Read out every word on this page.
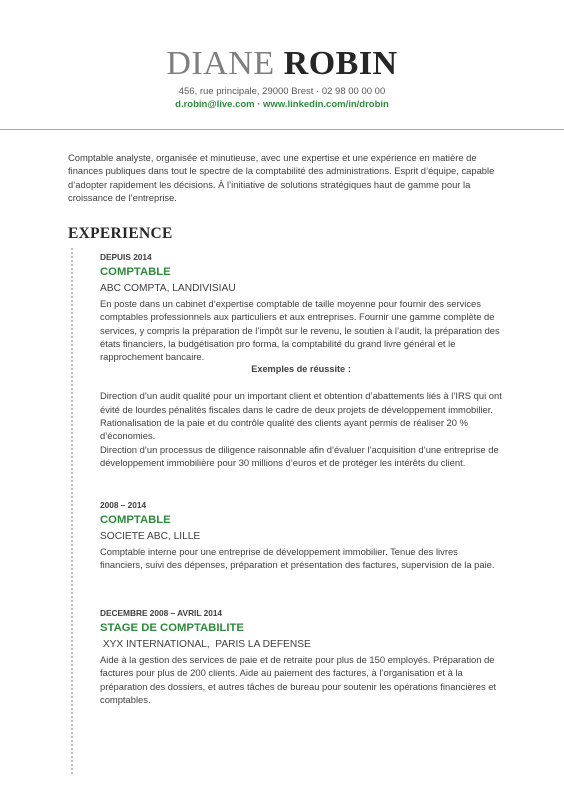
DIANE ROBIN
456, rue principale, 29000 Brest · 02 98 00 00 00
d.robin@live.com · www.linkedin.com/in/drobin
Comptable analyste, organisée et minutieuse, avec une expertise et une expérience en matière de finances publiques dans tout le spectre de la comptabilité des administrations. Esprit d’équipe, capable d’adopter rapidement les décisions. À l’initiative de solutions stratégiques haut de gamme pour la croissance de l’entreprise.
EXPERIENCE
DEPUIS 2014
COMPTABLE
ABC COMPTA, LANDIVISIAU
En poste dans un cabinet d’expertise comptable de taille moyenne pour fournir des services comptables professionnels aux particuliers et aux entreprises. Fournir une gamme complète de services, y compris la préparation de l’impôt sur le revenu, le soutien à l’audit, la préparation des états financiers, la budgétisation pro forma, la comptabilité du grand livre général et le rapprochement bancaire.
Exemples de réussite :
Direction d’un audit qualité pour un important client et obtention d’abattements liés à l’IRS qui ont évité de lourdes pénalités fiscales dans le cadre de deux projets de développement immobilier.
Rationalisation de la paie et du contrôle qualité des clients ayant permis de réaliser 20 % d’économies.
Direction d’un processus de diligence raisonnable afin d’évaluer l’acquisition d’une entreprise de développement immobilière pour 30 millions d’euros et de protéger les intérêts du client.
2008 – 2014
COMPTABLE
SOCIETE ABC, LILLE
Comptable interne pour une entreprise de développement immobilier. Tenue des livres financiers, suivi des dépenses, préparation et présentation des factures, supervision de la paie.
DECEMBRE 2008 – AVRIL 2014
STAGE DE COMPTABILITE
XYX INTERNATIONAL,  PARIS LA DEFENSE
Aide à la gestion des services de paie et de retraite pour plus de 150 employés. Préparation de factures pour plus de 200 clients. Aide au paiement des factures, à l’organisation et à la préparation des dossiers, et autres tâches de bureau pour soutenir les opérations financières et comptables.
